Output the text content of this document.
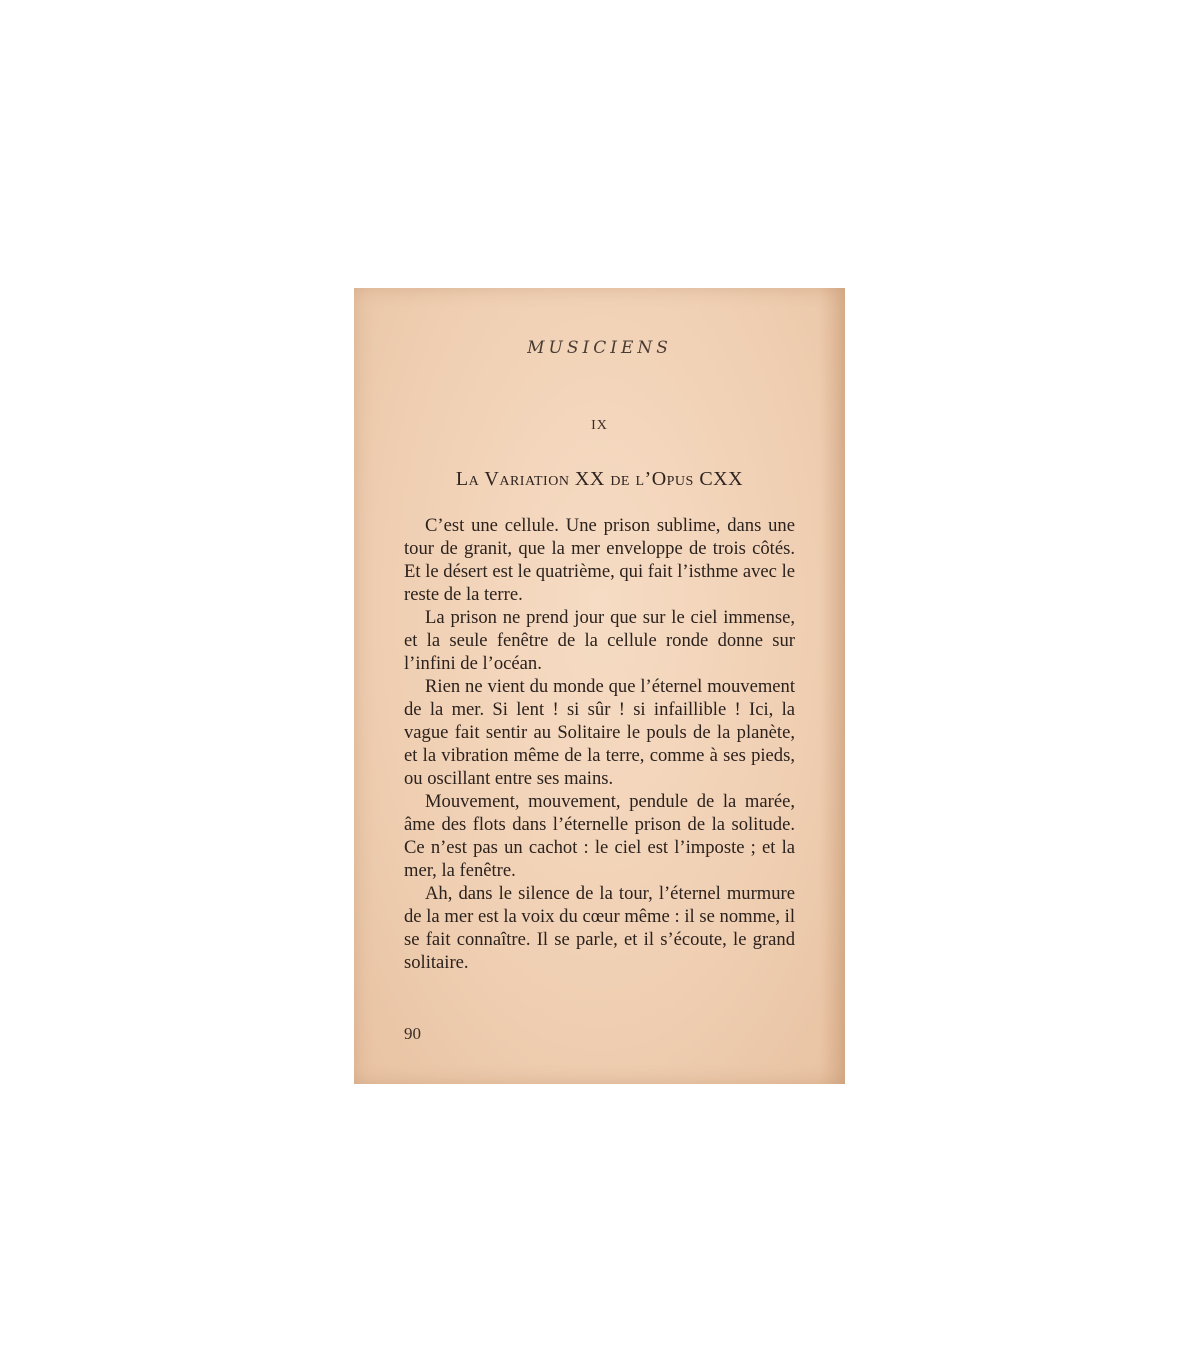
MUSICIENS
IX
La Variation XX de l’Opus CXX

C’est une cellule. Une prison sublime, dans une tour de granit, que la mer enveloppe de trois côtés. Et le désert est le quatrième, qui fait l’isthme avec le reste de la terre.

La prison ne prend jour que sur le ciel immense, et la seule fenêtre de la cellule ronde donne sur l’infini de l’océan.

Rien ne vient du monde que l’éternel mouvement de la mer. Si lent ! si sûr ! si infaillible ! Ici, la vague fait sentir au Solitaire le pouls de la planète, et la vibration même de la terre, comme à ses pieds, ou oscillant entre ses mains.

Mouvement, mouvement, pendule de la marée, âme des flots dans l’éternelle prison de la solitude. Ce n’est pas un cachot : le ciel est l’imposte ; et la mer, la fenêtre.

Ah, dans le silence de la tour, l’éternel murmure de la mer est la voix du cœur même : il se nomme, il se fait connaître. Il se parle, et il s’écoute, le grand solitaire.

90
